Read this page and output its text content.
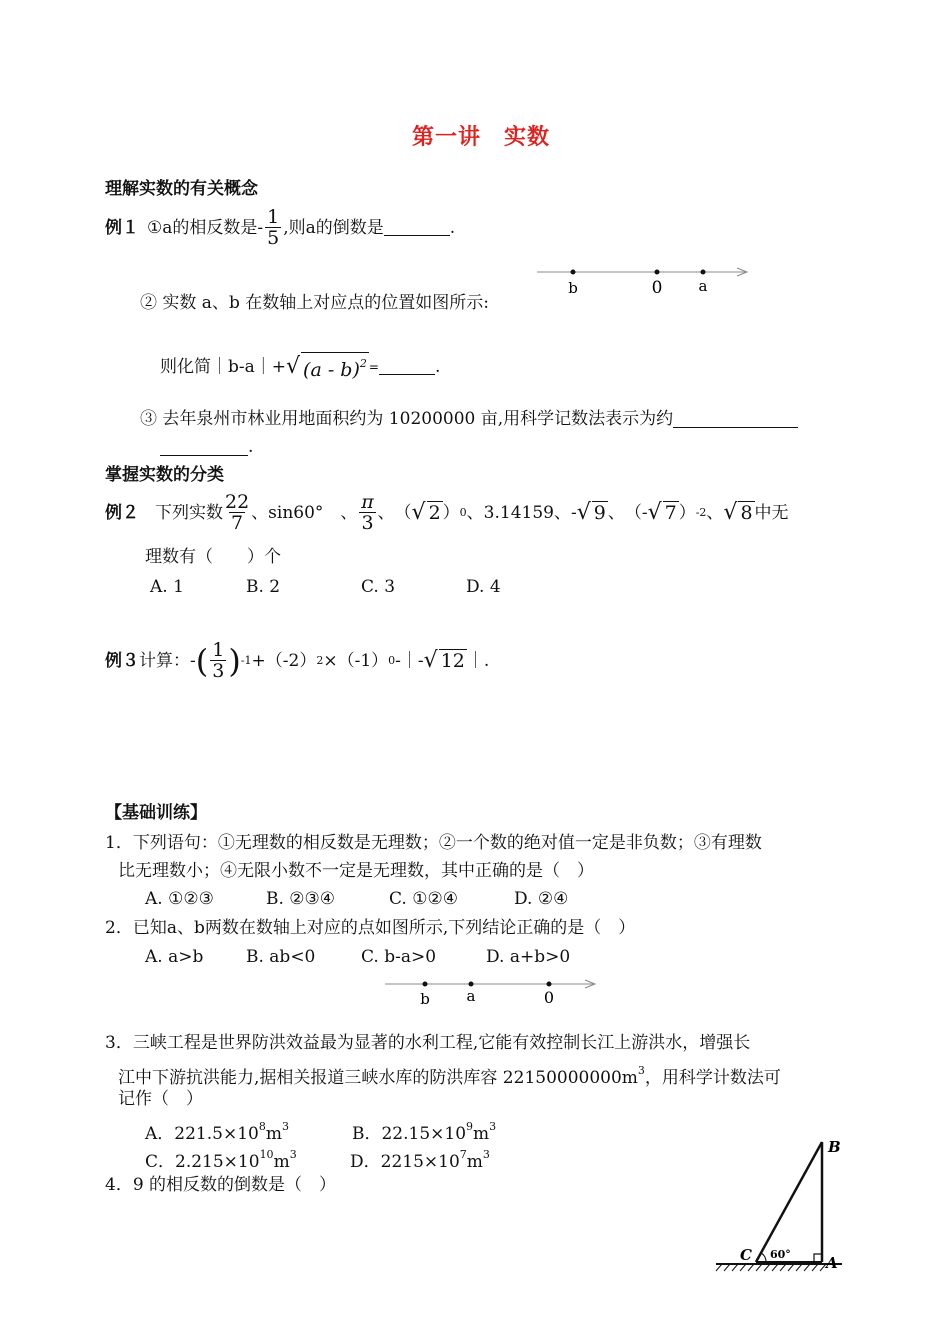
第一讲　实数
理解实数的有关概念
例１ ①a的相反数是- $\frac{1}{5}$ ,则a的倒数是	.
b	0 a
② 实数 a、b 在数轴上对应点的位置如图所示:
则化简｜b-a｜+ √ (a - b)$^2$ =	.
③ 去年泉州市林业用地面积约为 10200000 亩,用科学记数法表示为约
.
掌握实数的分类
例２ 下列实数 $\frac{22}{7}$ 、sin60°　、 $\frac{\pi}{3}$ 、　（ √ 2 ） 0 、3.14159、- √ 9 、　（- √ 7 ） -2 、 √ 8 中无
理数有（　　）个
A. 1	B. 2	C. 3	D. 4
例３ 计算：- ( $\frac{1}{3}$ ) -1 +（-2） 2 ×（-1） 0 -｜- √ 12 ｜.
【基础训练】
1．下列语句：①无理数的相反数是无理数；②一个数的绝对值一定是非负数；③有理数
比无理数小；④无限小数不一定是无理数，其中正确的是（　）
A. ①②③	B. ②③④	C. ①②④	D. ②④
2．已知a、b两数在数轴上对应的点如图所示,下列结论正确的是（　）
A. a>b	B. ab<0	C. b-a>0	D. a+b>0
b a	0
3．三峡工程是世界防洪效益最为显著的水利工程,它能有效控制长江上游洪水，增强长
江中下游抗洪能力,据相关报道三峡水库的防洪库容 $22150000000m^3$，用科学计数法可
记作（　）
A．$221.5\times 10^8m^3$	B．$22.15\times 10^9m^3$
C．$2.215\times 10^{10}m^3$	D．$2215\times 10^7m^3$
4．9 的相反数的倒数是（　）
B
C	A
60°
